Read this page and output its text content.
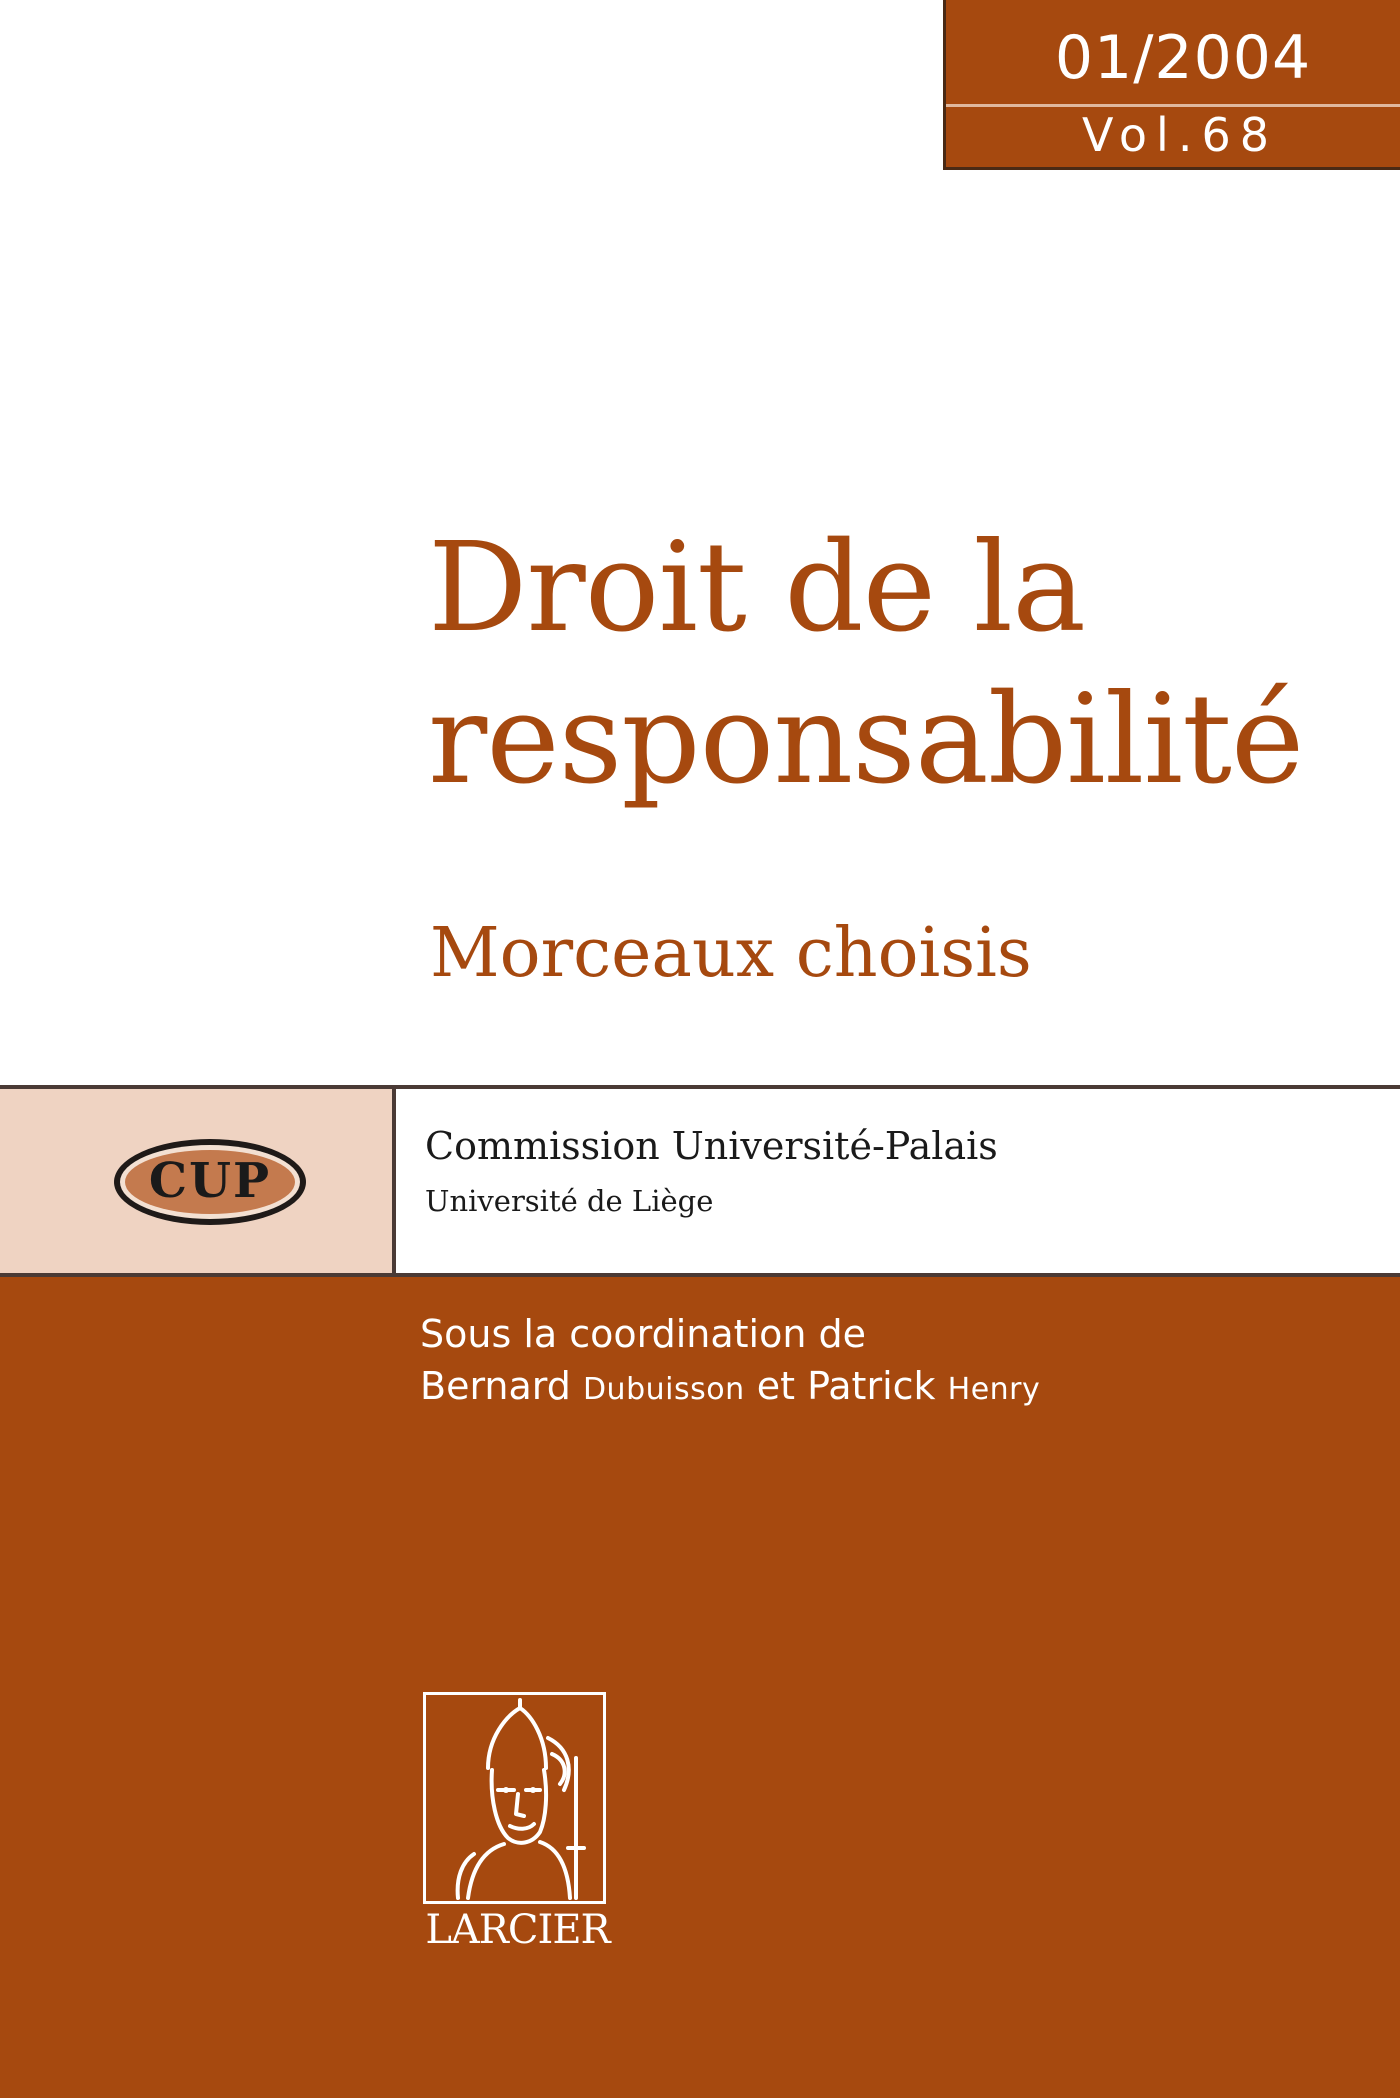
01/2004
Vol.68
Droit de la
responsabilité
Morceaux choisis
CUP
Commission Université-Palais
Université de Liège
Sous la coordination de
Bernard Dubuisson et Patrick Henry
LARCIER
